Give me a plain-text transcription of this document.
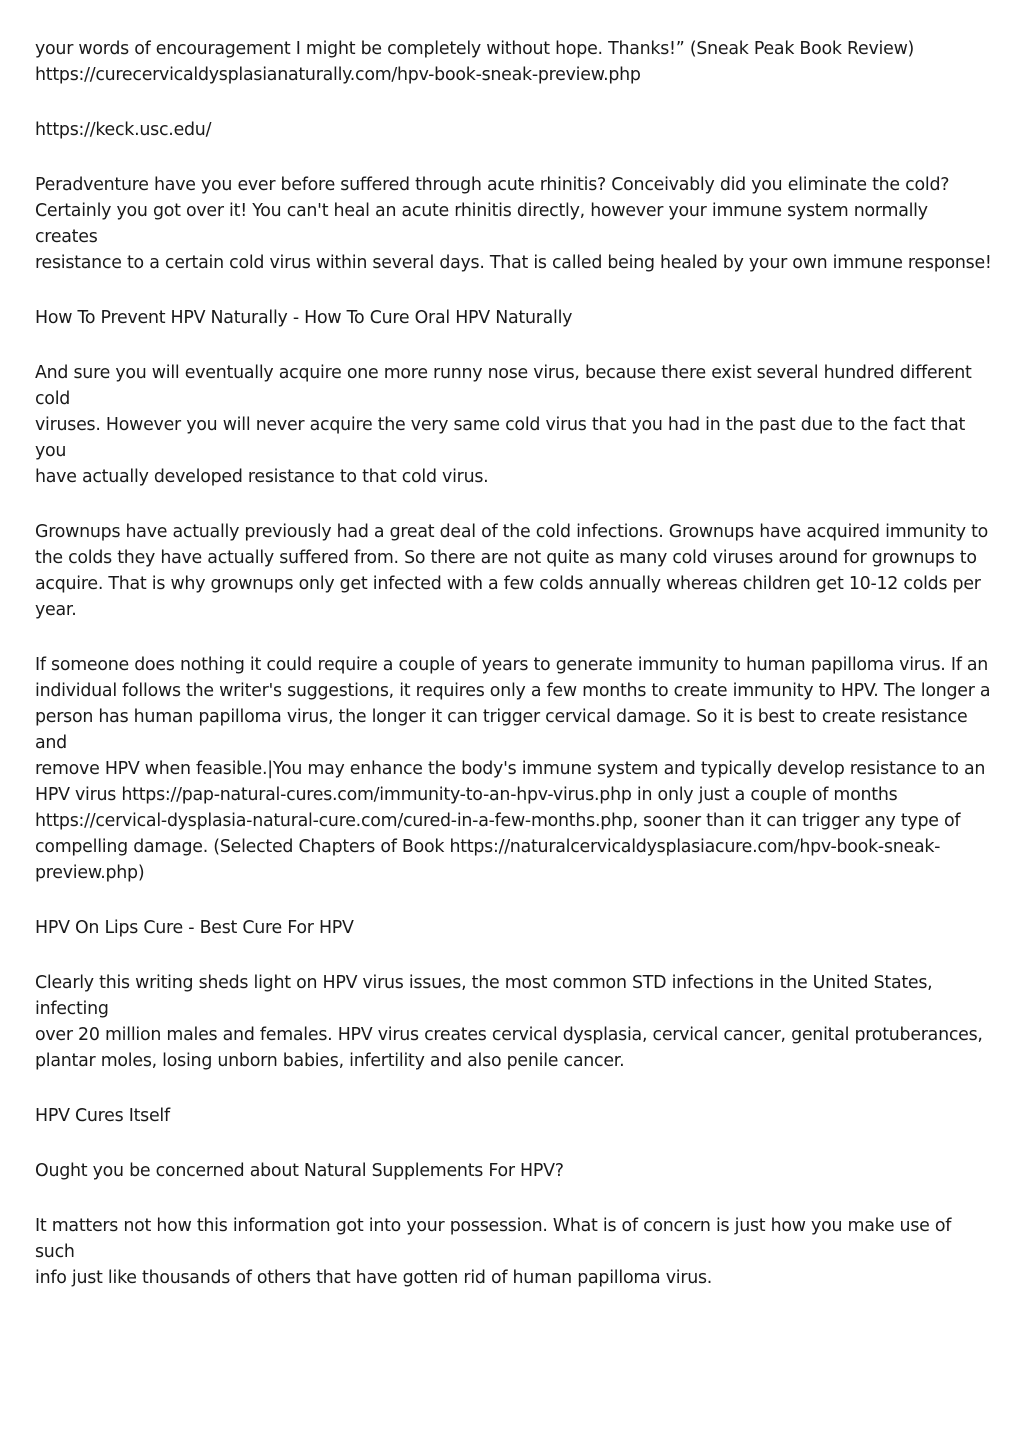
your words of encouragement I might be completely without hope. Thanks!” (Sneak Peak Book Review)
https://curecervicaldysplasianaturally.com/hpv-book-sneak-preview.php

https://keck.usc.edu/

Peradventure have you ever before suffered through acute rhinitis? Conceivably did you eliminate the cold?
Certainly you got over it! You can't heal an acute rhinitis directly, however your immune system normally creates
resistance to a certain cold virus within several days. That is called being healed by your own immune response!

How To Prevent HPV Naturally - How To Cure Oral HPV Naturally

And sure you will eventually acquire one more runny nose virus, because there exist several hundred different cold
viruses. However you will never acquire the very same cold virus that you had in the past due to the fact that you
have actually developed resistance to that cold virus.

Grownups have actually previously had a great deal of the cold infections. Grownups have acquired immunity to
the colds they have actually suffered from. So there are not quite as many cold viruses around for grownups to
acquire. That is why grownups only get infected with a few colds annually whereas children get 10-12 colds per
year.

If someone does nothing it could require a couple of years to generate immunity to human papilloma virus. If an
individual follows the writer's suggestions, it requires only a few months to create immunity to HPV. The longer a
person has human papilloma virus, the longer it can trigger cervical damage. So it is best to create resistance and
remove HPV when feasible.|You may enhance the body's immune system and typically develop resistance to an
HPV virus https://pap-natural-cures.com/immunity-to-an-hpv-virus.php in only just a couple of months
https://cervical-dysplasia-natural-cure.com/cured-in-a-few-months.php, sooner than it can trigger any type of
compelling damage. (Selected Chapters of Book https://naturalcervicaldysplasiacure.com/hpv-book-sneak-
preview.php)

HPV On Lips Cure - Best Cure For HPV

Clearly this writing sheds light on HPV virus issues, the most common STD infections in the United States, infecting
over 20 million males and females. HPV virus creates cervical dysplasia, cervical cancer, genital protuberances,
plantar moles, losing unborn babies, infertility and also penile cancer.

HPV Cures Itself

Ought you be concerned about Natural Supplements For HPV?

It matters not how this information got into your possession. What is of concern is just how you make use of such
info just like thousands of others that have gotten rid of human papilloma virus.
